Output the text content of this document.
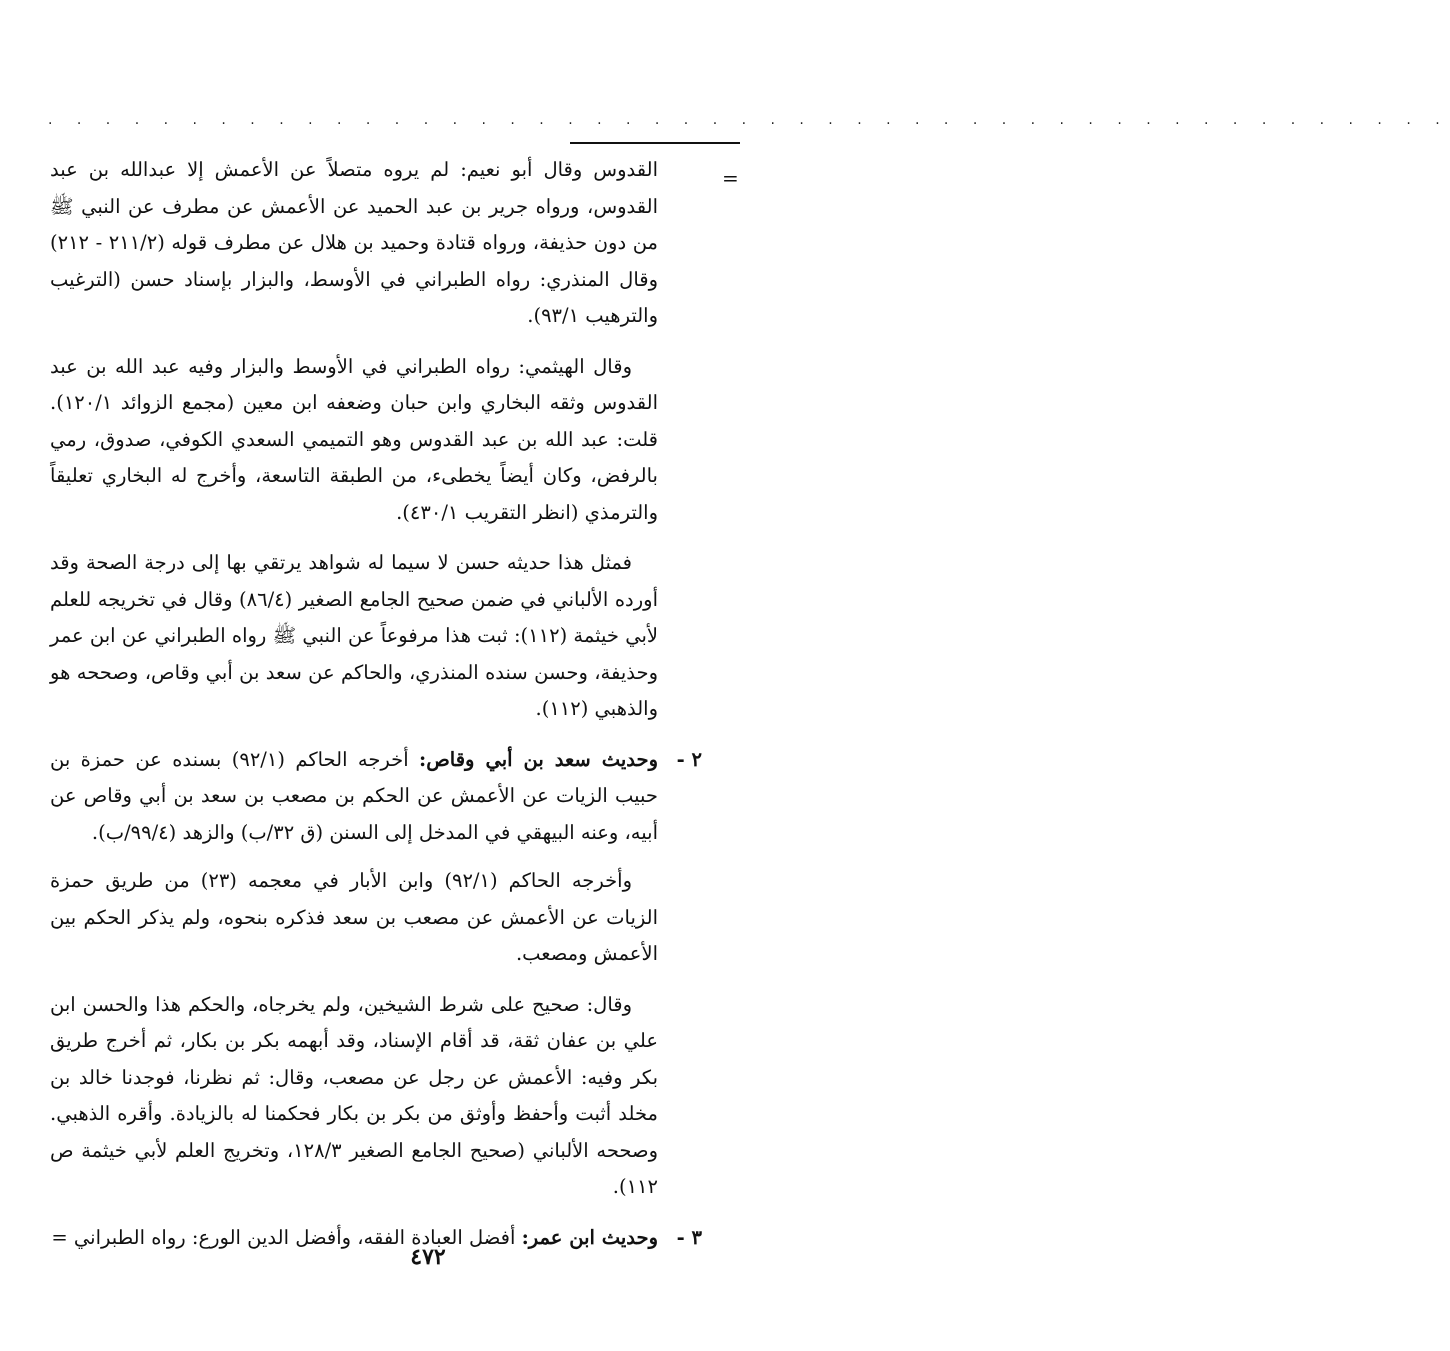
. . . . . . . . . . . . . . . . . . . . . . . . . . . . . . . . . . . . . . . . . . . . . . . . .
=

القدوس وقال أبو نعيم: لم يروه متصلاً عن الأعمش إلا عبدالله بن عبد القدوس، ورواه جرير بن عبد الحميد عن الأعمش عن مطرف عن النبي ﷺ من دون حذيفة، ورواه قتادة وحميد بن هلال عن مطرف قوله (٢١١/٢ - ٢١٢) وقال المنذري: رواه الطبراني في الأوسط، والبزار بإسناد حسن (الترغيب والترهيب ٩٣/١).

وقال الهيثمي: رواه الطبراني في الأوسط والبزار وفيه عبد الله بن عبد القدوس وثقه البخاري وابن حبان وضعفه ابن معين (مجمع الزوائد ١٢٠/١). قلت: عبد الله بن عبد القدوس وهو التميمي السعدي الكوفي، صدوق، رمي بالرفض، وكان أيضاً يخطىء، من الطبقة التاسعة، وأخرج له البخاري تعليقاً والترمذي (انظر التقريب ٤٣٠/١).

فمثل هذا حديثه حسن لا سيما له شواهد يرتقي بها إلى درجة الصحة وقد أورده الألباني في ضمن صحيح الجامع الصغير (٨٦/٤) وقال في تخريجه للعلم لأبي خيثمة (١١٢): ثبت هذا مرفوعاً عن النبي ﷺ رواه الطبراني عن ابن عمر وحذيفة، وحسن سنده المنذري، والحاكم عن سعد بن أبي وقاص، وصححه هو والذهبي (١١٢).

٢ -
وحديث سعد بن أبي وقاص: أخرجه الحاكم (٩٢/١) بسنده عن حمزة بن حبيب الزيات عن الأعمش عن الحكم بن مصعب بن سعد بن أبي وقاص عن أبيه، وعنه البيهقي في المدخل إلى السنن (ق ٣٢/ب) والزهد (٩٩/٤/ب).

وأخرجه الحاكم (٩٢/١) وابن الأبار في معجمه (٢٣) من طريق حمزة الزيات عن الأعمش عن مصعب بن سعد فذكره بنحوه، ولم يذكر الحكم بين الأعمش ومصعب.

وقال: صحيح على شرط الشيخين، ولم يخرجاه، والحكم هذا والحسن ابن علي بن عفان ثقة، قد أقام الإسناد، وقد أبهمه بكر بن بكار، ثم أخرج طريق بكر وفيه: الأعمش عن رجل عن مصعب، وقال: ثم نظرنا، فوجدنا خالد بن مخلد أثبت وأحفظ وأوثق من بكر بن بكار فحكمنا له بالزيادة. وأقره الذهبي. وصححه الألباني (صحيح الجامع الصغير ١٢٨/٣، وتخريج العلم لأبي خيثمة ص ١١٢).

٣ -
وحديث ابن عمر: أفضل العبادة الفقه، وأفضل الدين الورع: رواه الطبراني =

٤٧٢
